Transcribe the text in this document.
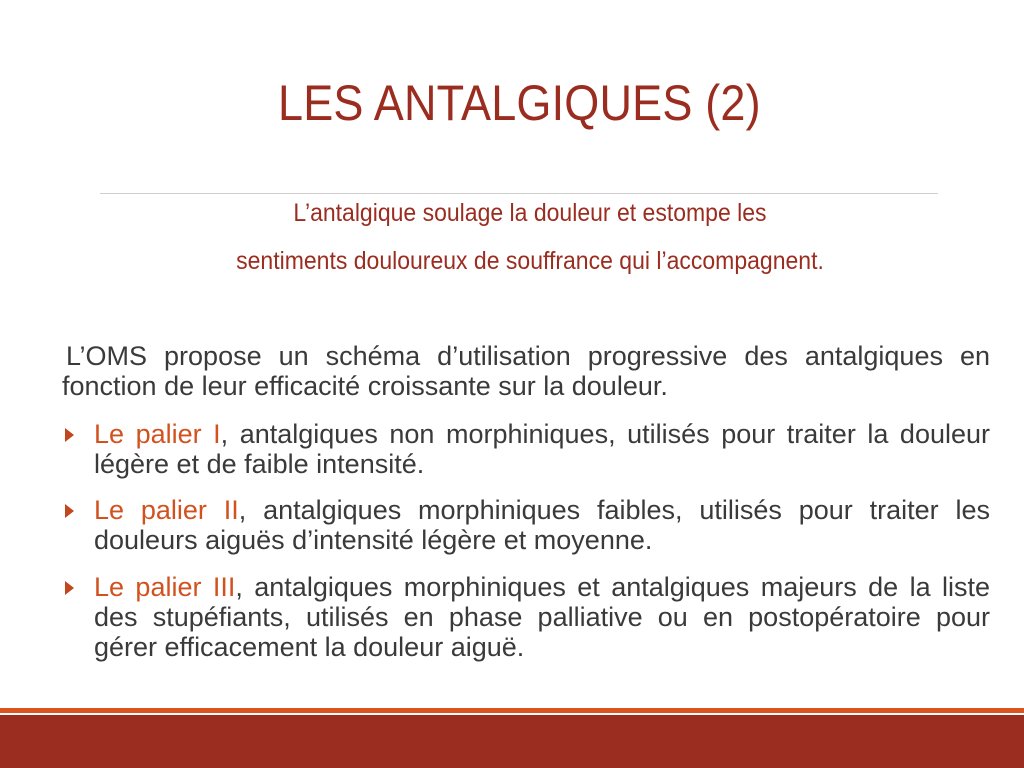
LES ANTALGIQUES (2)
L’antalgique soulage la douleur et estompe les
sentiments douloureux de souffrance qui l’accompagnent.
L’OMS propose un schéma d’utilisation progressive des antalgiques en fonction de leur efficacité croissante sur la douleur.
Le palier I, antalgiques non morphiniques, utilisés pour traiter la douleur légère et de faible intensité.
Le palier II, antalgiques morphiniques faibles, utilisés pour traiter les douleurs aiguës d’intensité légère et moyenne.
Le palier III, antalgiques morphiniques et antalgiques majeurs de la liste des stupéfiants, utilisés en phase palliative ou en postopératoire pour gérer efficacement la douleur aiguë.
